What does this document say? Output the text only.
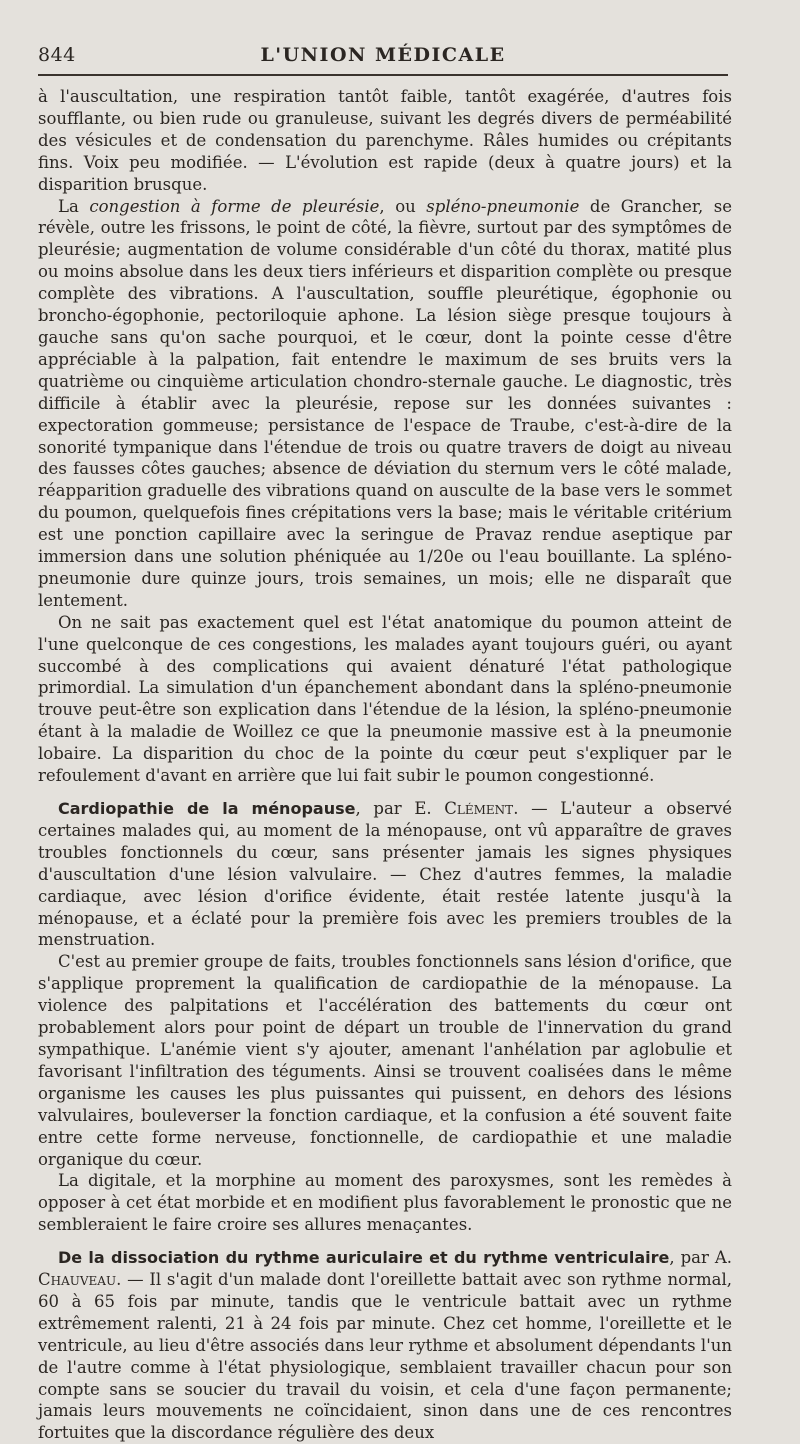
844	L'UNION MÉDICALE

à l'auscultation, une respiration tantôt faible, tantôt exagérée, d'autres fois soufflante, ou bien rude ou granuleuse, suivant les degrés divers de perméabilité des vésicules et de condensation du parenchyme. Râles humides ou crépitants fins. Voix peu modifiée. — L'évolution est rapide (deux à quatre jours) et la disparition brusque.

La congestion à forme de pleurésie, ou spléno-pneumonie de Grancher, se révèle, outre les frissons, le point de côté, la fièvre, surtout par des symptômes de pleurésie; augmentation de volume considérable d'un côté du thorax, matité plus ou moins absolue dans les deux tiers inférieurs et disparition complète ou presque complète des vibrations. A l'auscultation, souffle pleurétique, égophonie ou broncho-égophonie, pectoriloquie aphone. La lésion siège presque toujours à gauche sans qu'on sache pourquoi, et le cœur, dont la pointe cesse d'être appréciable à la palpation, fait entendre le maximum de ses bruits vers la quatrième ou cinquième articulation chondro-sternale gauche. Le diagnostic, très difficile à établir avec la pleurésie, repose sur les données suivantes : expectoration gommeuse; persistance de l'espace de Traube, c'est-à-dire de la sonorité tympanique dans l'étendue de trois ou quatre travers de doigt au niveau des fausses côtes gauches; absence de déviation du sternum vers le côté malade, réapparition graduelle des vibrations quand on ausculte de la base vers le sommet du poumon, quelquefois fines crépitations vers la base; mais le véritable critérium est une ponction capillaire avec la seringue de Pravaz rendue aseptique par immersion dans une solution phéniquée au 1/20e ou l'eau bouillante. La spléno-pneumonie dure quinze jours, trois semaines, un mois; elle ne disparaît que lentement.

On ne sait pas exactement quel est l'état anatomique du poumon atteint de l'une quelconque de ces congestions, les malades ayant toujours guéri, ou ayant succombé à des complications qui avaient dénaturé l'état pathologique primordial. La simulation d'un épanchement abondant dans la spléno-pneumonie trouve peut-être son explication dans l'étendue de la lésion, la spléno-pneumonie étant à la maladie de Woillez ce que la pneumonie massive est à la pneumonie lobaire. La disparition du choc de la pointe du cœur peut s'expliquer par le refoulement d'avant en arrière que lui fait subir le poumon congestionné.

Cardiopathie de la ménopause, par E. Clément. — L'auteur a observé certaines malades qui, au moment de la ménopause, ont vû apparaître de graves troubles fonctionnels du cœur, sans présenter jamais les signes physiques d'auscultation d'une lésion valvulaire. — Chez d'autres femmes, la maladie cardiaque, avec lésion d'orifice évidente, était restée latente jusqu'à la ménopause, et a éclaté pour la première fois avec les premiers troubles de la menstruation.

C'est au premier groupe de faits, troubles fonctionnels sans lésion d'orifice, que s'applique proprement la qualification de cardiopathie de la ménopause. La violence des palpitations et l'accélération des battements du cœur ont probablement alors pour point de départ un trouble de l'innervation du grand sympathique. L'anémie vient s'y ajouter, amenant l'anhélation par aglobulie et favorisant l'infiltration des téguments. Ainsi se trouvent coalisées dans le même organisme les causes les plus puissantes qui puissent, en dehors des lésions valvulaires, bouleverser la fonction cardiaque, et la confusion a été souvent faite entre cette forme nerveuse, fonctionnelle, de cardiopathie et une maladie organique du cœur.

La digitale, et la morphine au moment des paroxysmes, sont les remèdes à opposer à cet état morbide et en modifient plus favorablement le pronostic que ne sembleraient le faire croire ses allures menaçantes.

De la dissociation du rythme auriculaire et du rythme ventriculaire, par A. Chauveau. — Il s'agit d'un malade dont l'oreillette battait avec son rythme normal, 60 à 65 fois par minute, tandis que le ventricule battait avec un rythme extrêmement ralenti, 21 à 24 fois par minute. Chez cet homme, l'oreillette et le ventricule, au lieu d'être associés dans leur rythme et absolument dépendants l'un de l'autre comme à l'état physiologique, semblaient travailler chacun pour son compte sans se soucier du travail du voisin, et cela d'une façon permanente; jamais leurs mouvements ne coïncidaient, sinon dans une de ces rencontres fortuites que la discordance régulière des deux
